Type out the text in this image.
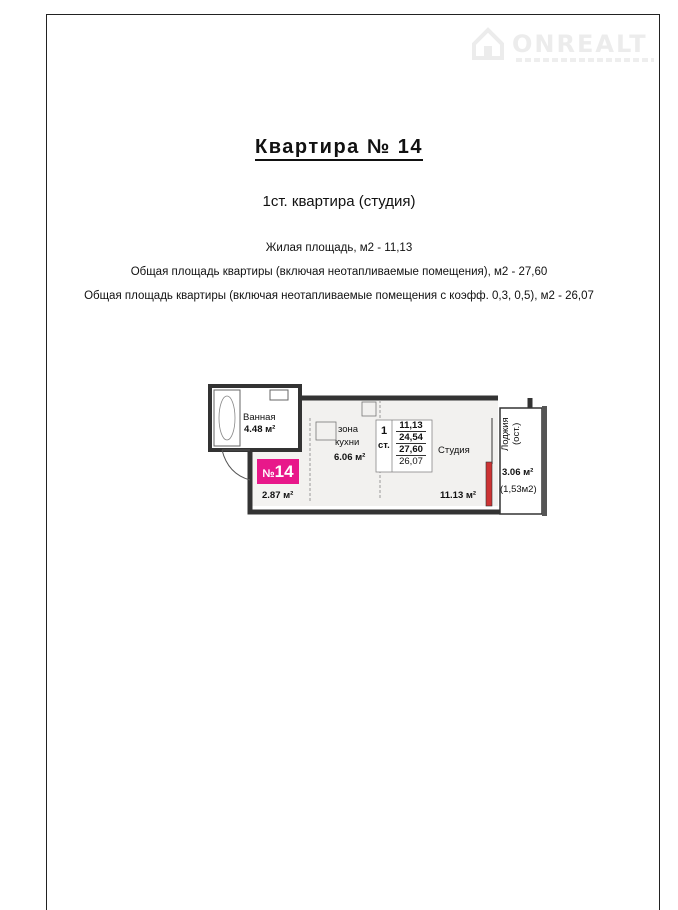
ONREALT
Квартира № 14
1ст. квартира (студия)
Жилая площадь, м2 - 11,13
Общая площадь квартиры (включая неотапливаемые помещения), м2 - 27,60
Общая площадь квартиры (включая неотапливаемые помещения с коэфф. 0,3, 0,5), м2 - 26,07
Ванная
4.48 м²	зона
кухни
6.06 м²
2.87 м²
Студия
11.13 м²
Лоджия (ост.)
3.06 м²
(1,53м2)
1
ст.
11,13
24,54
27,60
26,07
№14
